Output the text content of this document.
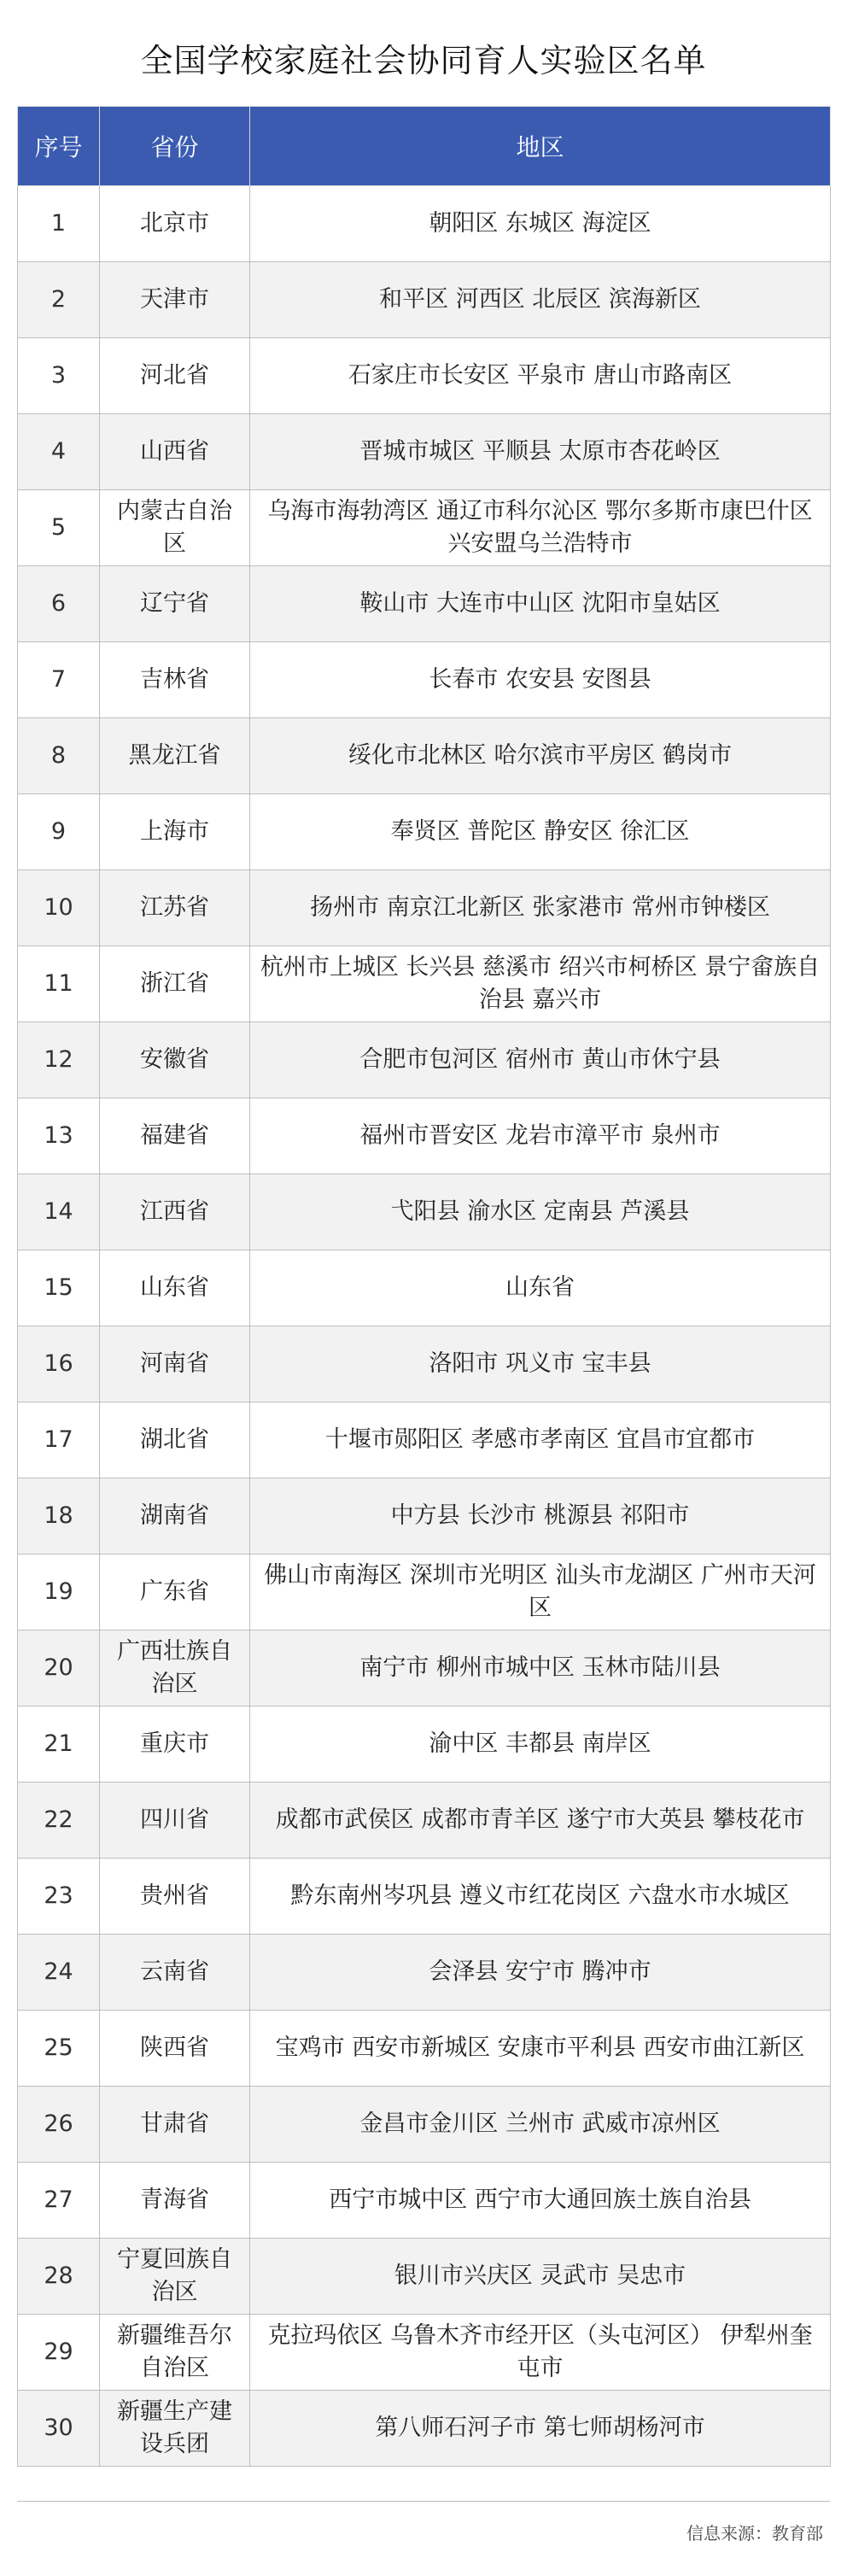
全国学校家庭社会协同育人实验区名单
序号	省份	地区
1	北京市	朝阳区 东城区 海淀区
2	天津市	和平区 河西区 北辰区 滨海新区
3	河北省	石家庄市长安区 平泉市 唐山市路南区
4	山西省	晋城市城区 平顺县 太原市杏花岭区
5	内蒙古自治区	乌海市海勃湾区 通辽市科尔沁区 鄂尔多斯市康巴什区 兴安盟乌兰浩特市
6	辽宁省	鞍山市 大连市中山区 沈阳市皇姑区
7	吉林省	长春市 农安县 安图县
8	黑龙江省	绥化市北林区 哈尔滨市平房区 鹤岗市
9	上海市	奉贤区 普陀区 静安区 徐汇区
10	江苏省	扬州市 南京江北新区 张家港市 常州市钟楼区
11	浙江省	杭州市上城区 长兴县 慈溪市 绍兴市柯桥区 景宁畲族自治县 嘉兴市
12	安徽省	合肥市包河区 宿州市 黄山市休宁县
13	福建省	福州市晋安区 龙岩市漳平市 泉州市
14	江西省	弋阳县 渝水区 定南县 芦溪县
15	山东省	山东省
16	河南省	洛阳市 巩义市 宝丰县
17	湖北省	十堰市郧阳区 孝感市孝南区 宜昌市宜都市
18	湖南省	中方县 长沙市 桃源县 祁阳市
19	广东省	佛山市南海区 深圳市光明区 汕头市龙湖区 广州市天河区
20	广西壮族自治区	南宁市 柳州市城中区 玉林市陆川县
21	重庆市	渝中区 丰都县 南岸区
22	四川省	成都市武侯区 成都市青羊区 遂宁市大英县 攀枝花市
23	贵州省	黔东南州岑巩县 遵义市红花岗区 六盘水市水城区
24	云南省	会泽县 安宁市 腾冲市
25	陕西省	宝鸡市 西安市新城区 安康市平利县 西安市曲江新区
26	甘肃省	金昌市金川区 兰州市 武威市凉州区
27	青海省	西宁市城中区 西宁市大通回族土族自治县
28	宁夏回族自治区	银川市兴庆区 灵武市 吴忠市
29	新疆维吾尔自治区	克拉玛依区 乌鲁木齐市经开区（头屯河区） 伊犁州奎屯市
30	新疆生产建设兵团	第八师石河子市 第七师胡杨河市
信息来源：教育部
